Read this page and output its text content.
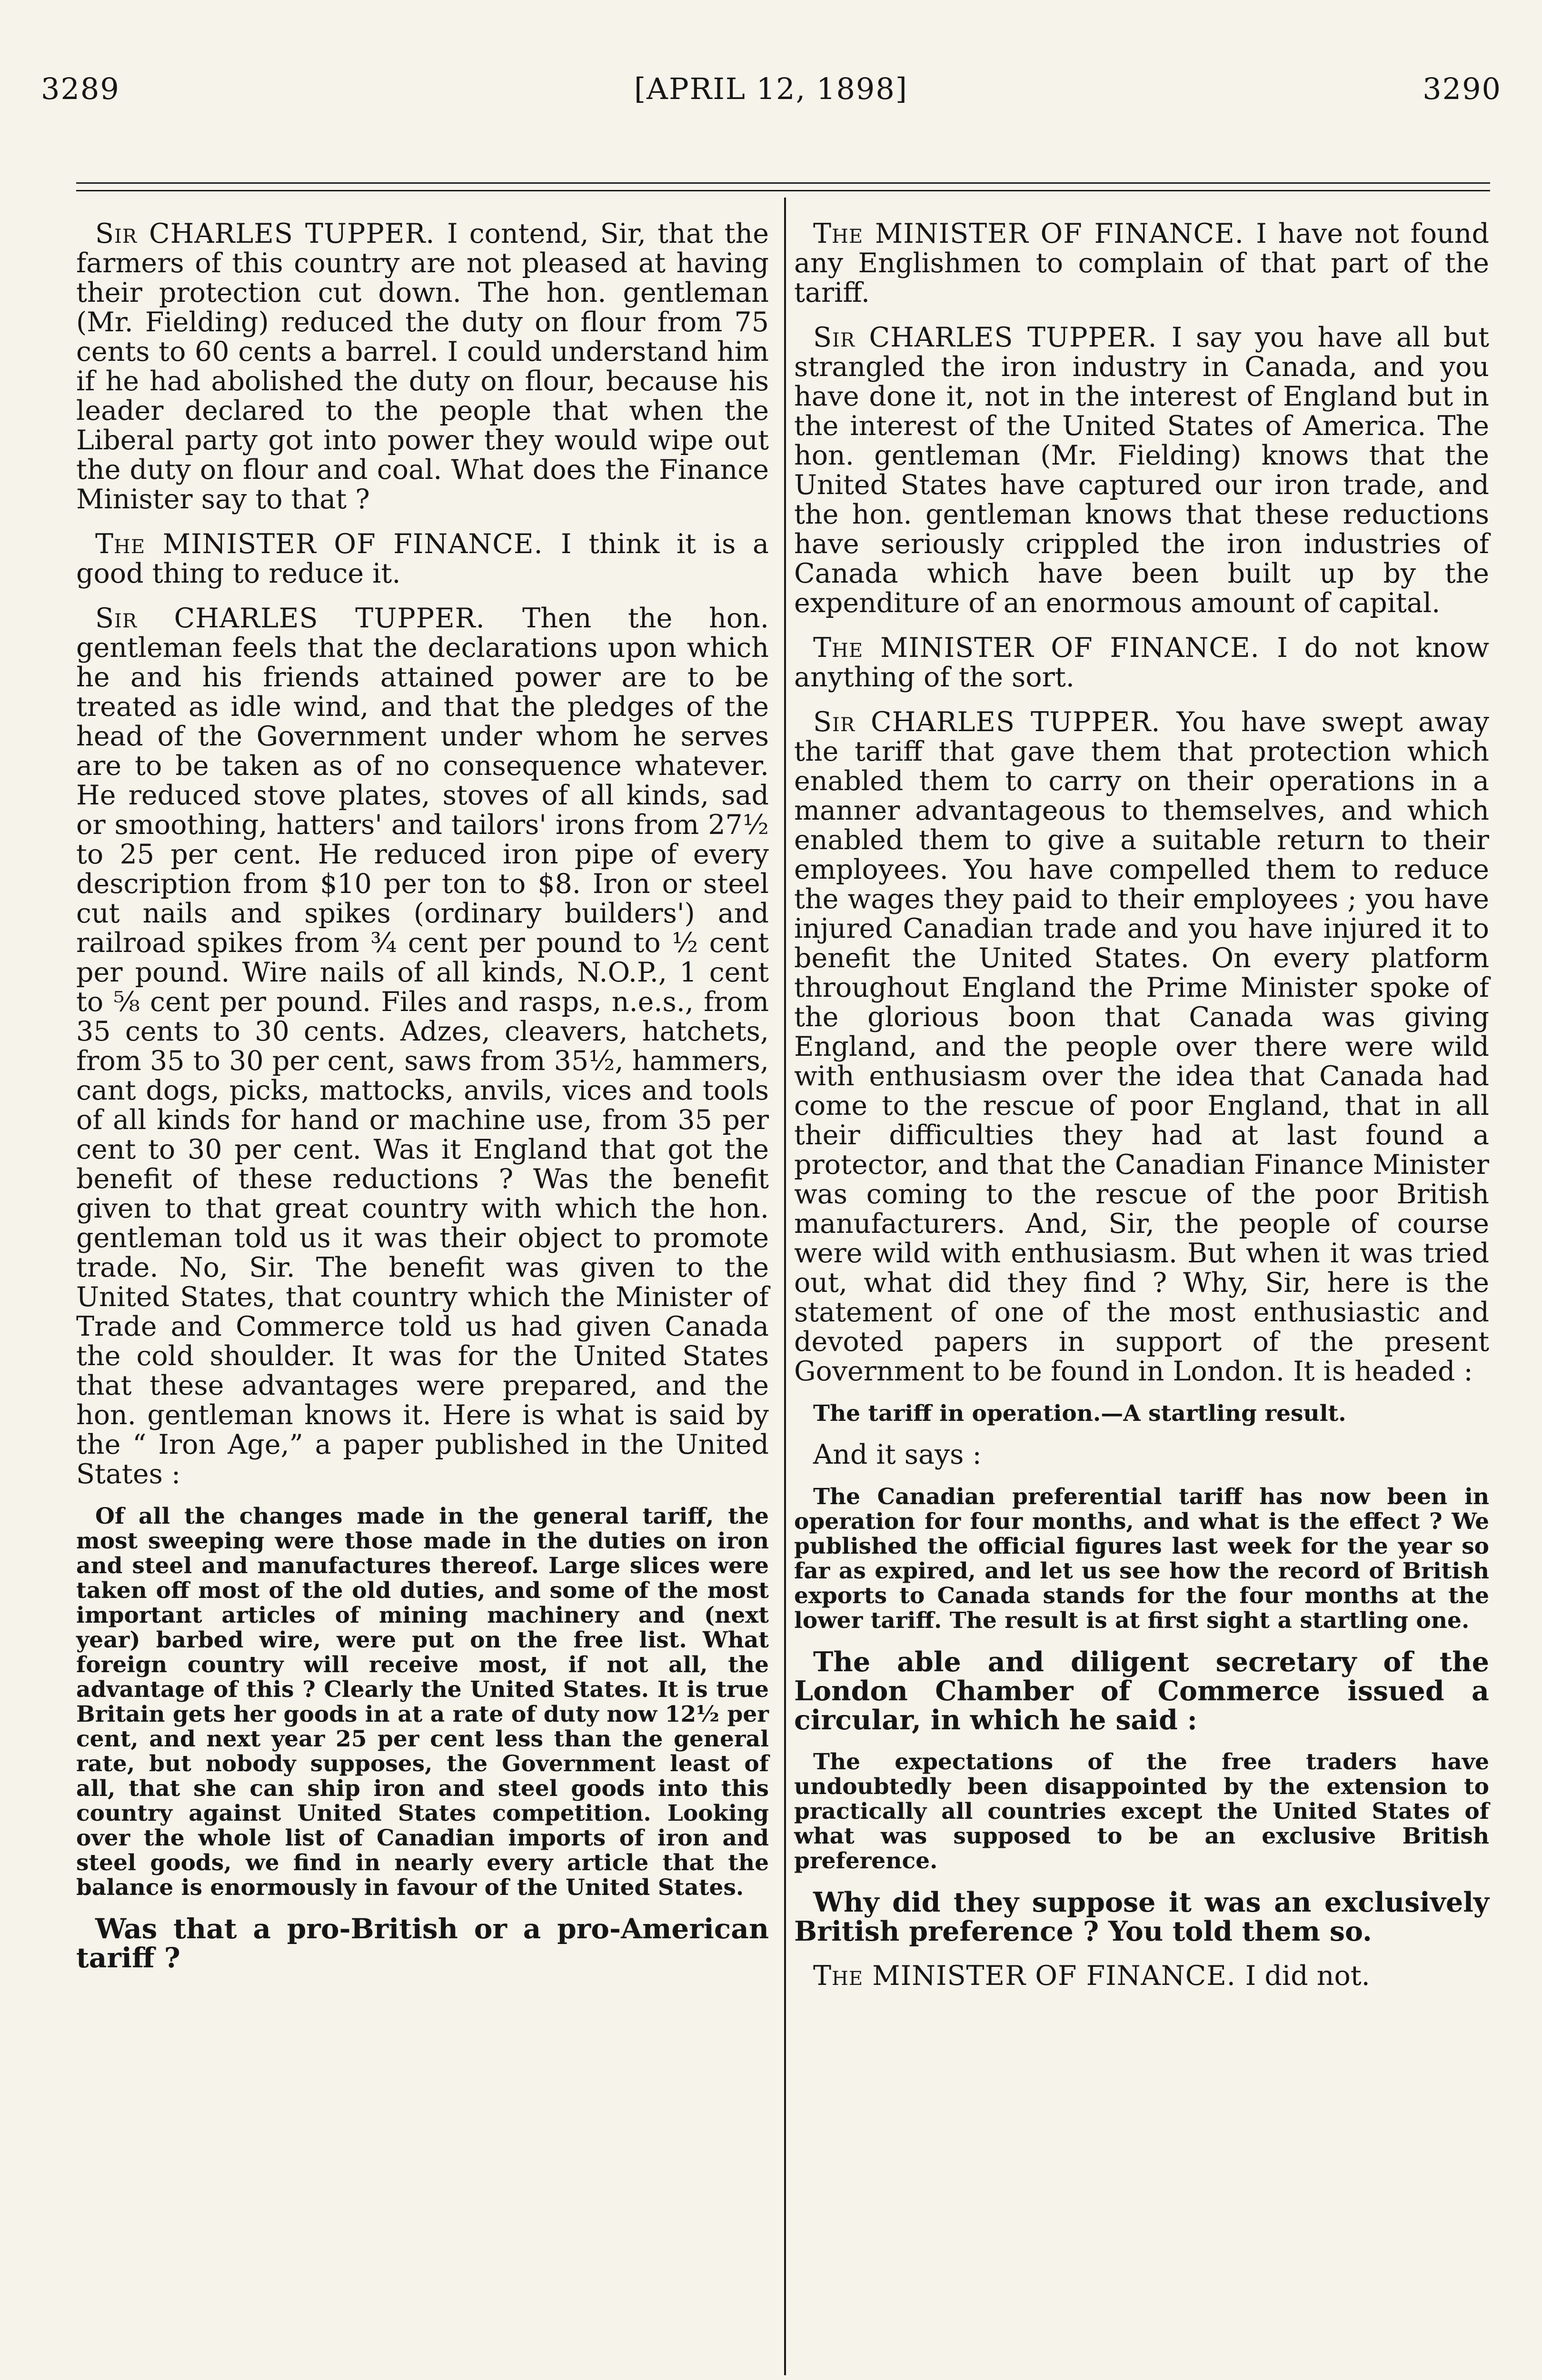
3289	[APRIL 12, 1898]	3290

Sir CHARLES TUPPER. I contend, Sir, that the farmers of this country are not pleased at having their protection cut down. The hon. gentleman (Mr. Fielding) reduced the duty on flour from 75 cents to 60 cents a barrel. I could understand him if he had abolished the duty on flour, because his leader declared to the people that when the Liberal party got into power they would wipe out the duty on flour and coal. What does the Finance Minister say to that ?

The MINISTER OF FINANCE. I think it is a good thing to reduce it.

Sir CHARLES TUPPER. Then the hon. gentleman feels that the declarations upon which he and his friends attained power are to be treated as idle wind, and that the pledges of the head of the Government under whom he serves are to be taken as of no consequence whatever. He reduced stove plates, stoves of all kinds, sad or smoothing, hatters' and tailors' irons from 27½ to 25 per cent. He reduced iron pipe of every description from $10 per ton to $8. Iron or steel cut nails and spikes (ordinary builders') and railroad spikes from ¾ cent per pound to ½ cent per pound. Wire nails of all kinds, N.O.P., 1 cent to ⅝ cent per pound. Files and rasps, n.e.s., from 35 cents to 30 cents. Adzes, cleavers, hatchets, from 35 to 30 per cent, saws from 35½, hammers, cant dogs, picks, mattocks, anvils, vices and tools of all kinds for hand or machine use, from 35 per cent to 30 per cent. Was it England that got the benefit of these reductions ? Was the benefit given to that great country with which the hon. gentleman told us it was their object to promote trade. No, Sir. The benefit was given to the United States, that country which the Minister of Trade and Commerce told us had given Canada the cold shoulder. It was for the United States that these advantages were prepared, and the hon. gentleman knows it. Here is what is said by the “ Iron Age,” a paper published in the United States :

Of all the changes made in the general tariff, the most sweeping were those made in the duties on iron and steel and manufactures thereof. Large slices were taken off most of the old duties, and some of the most important articles of mining machinery and (next year) barbed wire, were put on the free list. What foreign country will receive most, if not all, the advantage of this ? Clearly the United States. It is true Britain gets her goods in at a rate of duty now 12½ per cent, and next year 25 per cent less than the general rate, but nobody supposes, the Government least of all, that she can ship iron and steel goods into this country against United States competition. Looking over the whole list of Canadian imports of iron and steel goods, we find in nearly every article that the balance is enormously in favour of the United States.

Was that a pro-British or a pro-American tariff ?

The MINISTER OF FINANCE. I have not found any Englishmen to complain of that part of the tariff.

Sir CHARLES TUPPER. I say you have all but strangled the iron industry in Canada, and you have done it, not in the interest of England but in the interest of the United States of America. The hon. gentleman (Mr. Fielding) knows that the United States have captured our iron trade, and the hon. gentleman knows that these reductions have seriously crippled the iron industries of Canada which have been built up by the expenditure of an enormous amount of capital.

The MINISTER OF FINANCE. I do not know anything of the sort.

Sir CHARLES TUPPER. You have swept away the tariff that gave them that protection which enabled them to carry on their operations in a manner advantageous to themselves, and which enabled them to give a suitable return to their employees. You have compelled them to reduce the wages they paid to their employees ; you have injured Canadian trade and you have injured it to benefit the United States. On every platform throughout England the Prime Minister spoke of the glorious boon that Canada was giving England, and the people over there were wild with enthusiasm over the idea that Canada had come to the rescue of poor England, that in all their difficulties they had at last found a protector, and that the Canadian Finance Minister was coming to the rescue of the poor British manufacturers. And, Sir, the people of course were wild with enthusiasm. But when it was tried out, what did they find ? Why, Sir, here is the statement of one of the most enthusiastic and devoted papers in support of the present Government to be found in London. It is headed :

The tariff in operation.—A startling result.

And it says :

The Canadian preferential tariff has now been in operation for four months, and what is the effect ? We published the official figures last week for the year so far as expired, and let us see how the record of British exports to Canada stands for the four months at the lower tariff. The result is at first sight a startling one.

The able and diligent secretary of the London Chamber of Commerce issued a circular, in which he said :

The expectations of the free traders have undoubtedly been disappointed by the extension to practically all countries except the United States of what was supposed to be an exclusive British preference.

Why did they suppose it was an exclusively British preference ? You told them so.

The MINISTER OF FINANCE. I did not.
